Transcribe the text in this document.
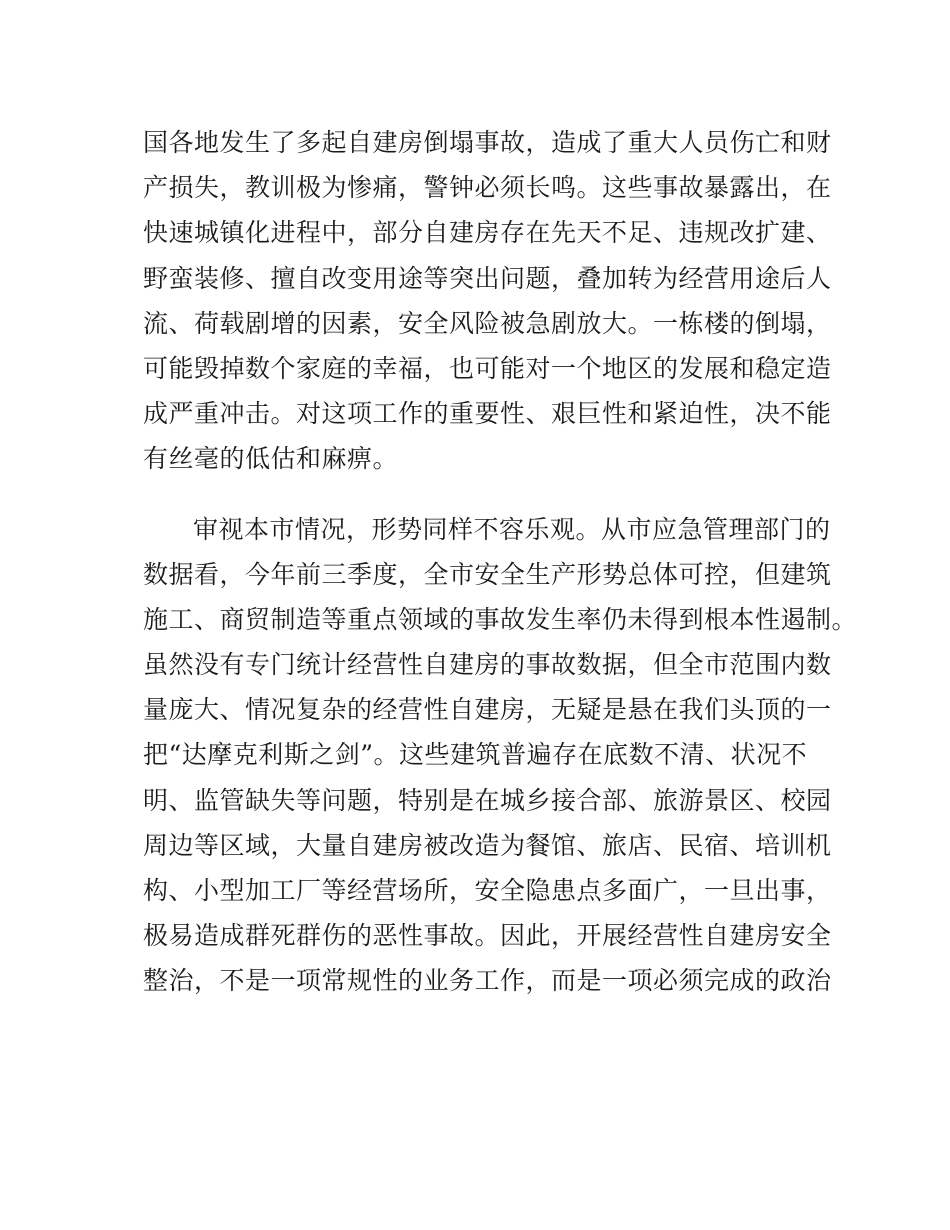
国各地发生了多起自建房倒塌事故，造成了重大人员伤亡和财
产损失，教训极为惨痛，警钟必须长鸣。这些事故暴露出，在
快速城镇化进程中，部分自建房存在先天不足、违规改扩建、
野蛮装修、擅自改变用途等突出问题，叠加转为经营用途后人
流、荷载剧增的因素，安全风险被急剧放大。一栋楼的倒塌，
可能毁掉数个家庭的幸福，也可能对一个地区的发展和稳定造
成严重冲击。对这项工作的重要性、艰巨性和紧迫性，决不能
有丝毫的低估和麻痹。
审视本市情况，形势同样不容乐观。从市应急管理部门的
数据看，今年前三季度，全市安全生产形势总体可控，但建筑
施工、商贸制造等重点领域的事故发生率仍未得到根本性遏制。
虽然没有专门统计经营性自建房的事故数据，但全市范围内数
量庞大、情况复杂的经营性自建房，无疑是悬在我们头顶的一
把“达摩克利斯之剑”。这些建筑普遍存在底数不清、状况不
明、监管缺失等问题，特别是在城乡接合部、旅游景区、校园
周边等区域，大量自建房被改造为餐馆、旅店、民宿、培训机
构、小型加工厂等经营场所，安全隐患点多面广，一旦出事，
极易造成群死群伤的恶性事故。因此，开展经营性自建房安全
整治，不是一项常规性的业务工作，而是一项必须完成的政治
